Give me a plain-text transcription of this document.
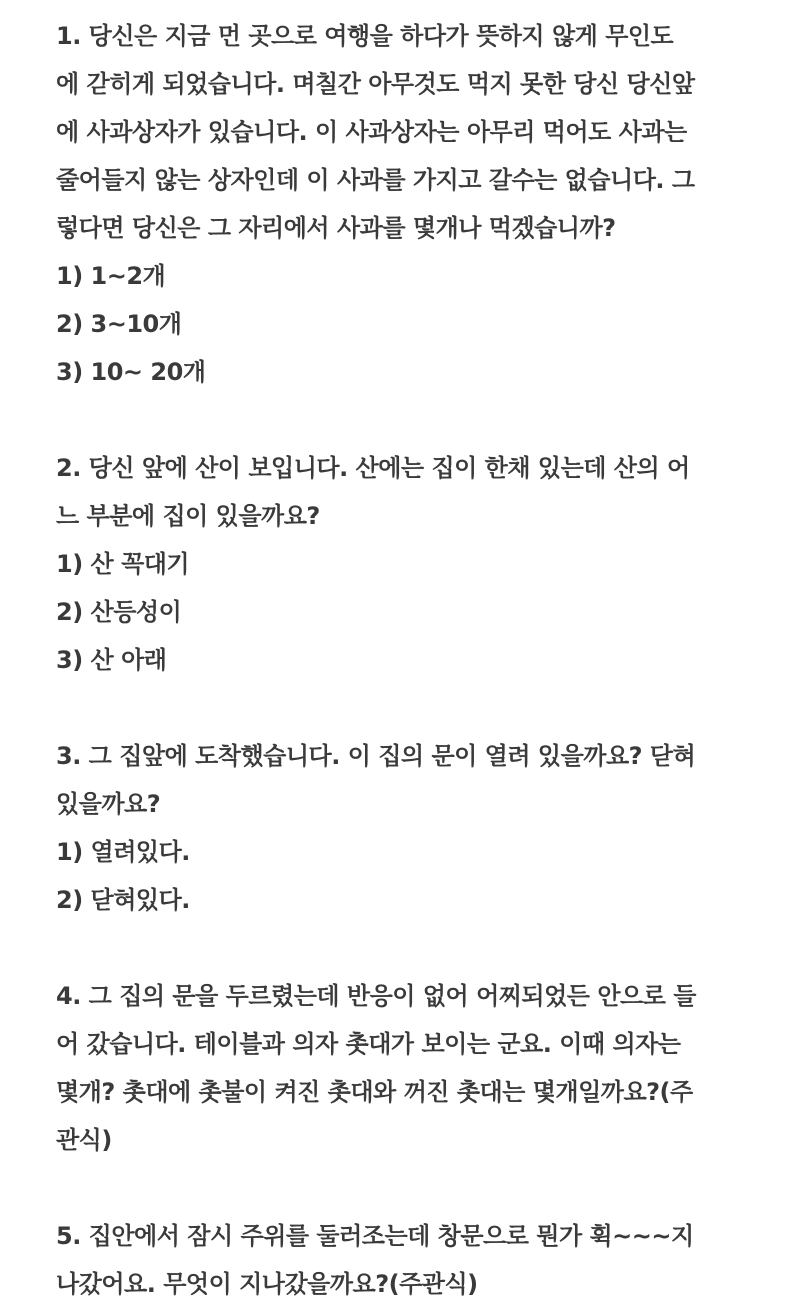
1. 당신은 지금 먼 곳으로 여행을 하다가 뜻하지 않게 무인도
에 갇히게 되었습니다. 며칠간 아무것도 먹지 못한 당신 당신앞
에 사과상자가 있습니다. 이 사과상자는 아무리 먹어도 사과는
줄어들지 않는 상자인데 이 사과를 가지고 갈수는 없습니다. 그
렇다면 당신은 그 자리에서 사과를 몇개나 먹겠습니까?
1) 1~2개
2) 3~10개
3) 10~ 20개
2. 당신 앞에 산이 보입니다. 산에는 집이 한채 있는데 산의 어
느 부분에 집이 있을까요?
1) 산 꼭대기
2) 산등성이
3) 산 아래
3. 그 집앞에 도착했습니다. 이 집의 문이 열려 있을까요? 닫혀
있을까요?
1) 열려있다.
2) 닫혀있다.
4. 그 집의 문을 두르렸는데 반응이 없어 어찌되었든 안으로 들
어 갔습니다. 테이블과 의자 촛대가 보이는 군요. 이때 의자는
몇개? 촛대에 촛불이 켜진 촛대와 꺼진 촛대는 몇개일까요?(주
관식)
5. 집안에서 잠시 주위를 둘러조는데 창문으로 뭔가 휙~~~지
나갔어요. 무엇이 지나갔을까요?(주관식)
